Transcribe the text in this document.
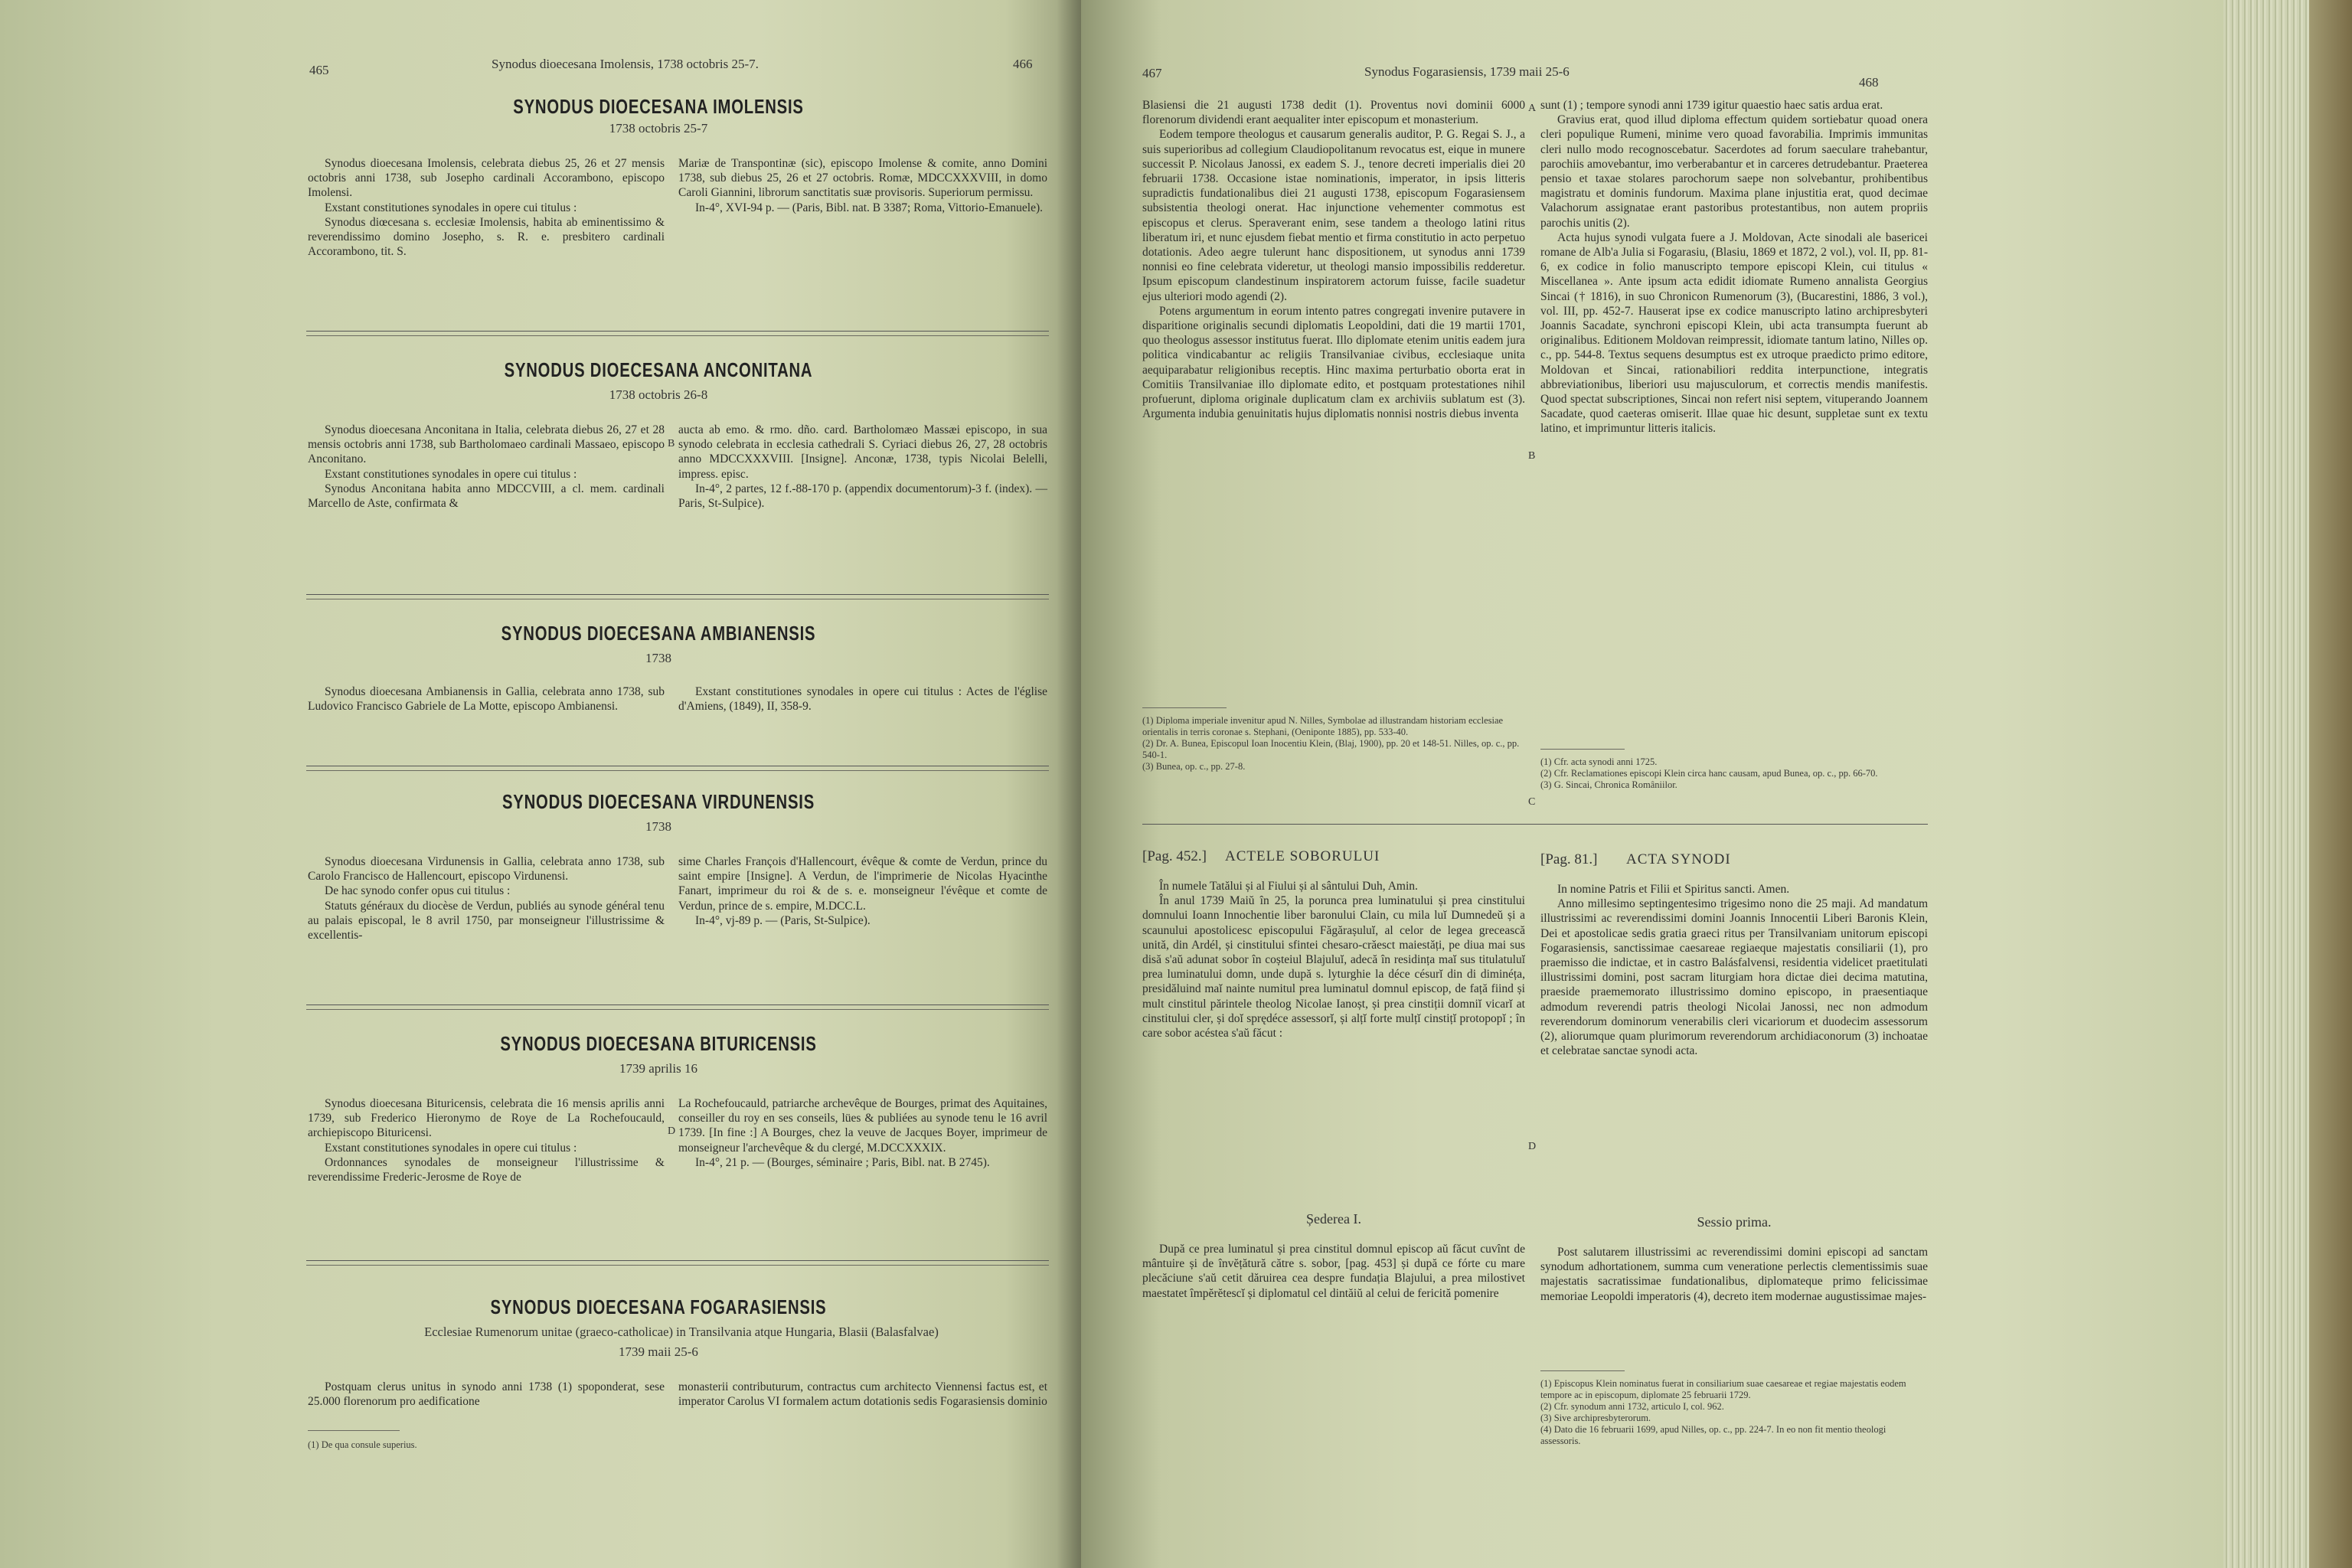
465	Synodus dioecesana Imolensis, 1738 octobris 25-7.	466
SYNODUS DIOECESANA IMOLENSIS
1738 octobris 25-7

Synodus dioecesana Imolensis, celebrata diebus 25, 26 et 27 mensis octobris anni 1738, sub Josepho cardinali Accorambono, episcopo Imolensi.

Exstant constitutiones synodales in opere cui titulus :

Synodus diœcesana s. ecclesiæ Imolensis, habita ab eminentissimo & reverendissimo domino Josepho, s. R. e. presbitero cardinali Accorambono, tit. S.

Mariæ de Transpontinæ (sic), episcopo Imolense & comite, anno Domini 1738, sub diebus 25, 26 et 27 octobris. Romæ, MDCCXXXVIII, in domo Caroli Giannini, librorum sanctitatis suæ provisoris. Superiorum permissu.

In-4°, XVI-94 p. — (Paris, Bibl. nat. B 3387; Roma, Vittorio-Emanuele).

SYNODUS DIOECESANA ANCONITANA
1738 octobris 26-8

Synodus dioecesana Anconitana in Italia, celebrata diebus 26, 27 et 28 mensis octobris anni 1738, sub Bartholomaeo cardinali Massaeo, episcopo Anconitano.

Exstant constitutiones synodales in opere cui titulus :

Synodus Anconitana habita anno MDCCVIII, a cl. mem. cardinali Marcello de Aste, confirmata &

B

aucta ab emo. & rmo. dño. card. Bartholomæo Massæi episcopo, in sua synodo celebrata in ecclesia cathedrali S. Cyriaci diebus 26, 27, 28 octobris anno MDCCXXXVIII. [Insigne]. Anconæ, 1738, typis Nicolai Belelli, impress. episc.

In-4°, 2 partes, 12 f.-88-170 p. (appendix documentorum)-3 f. (index). — Paris, St-Sulpice).

SYNODUS DIOECESANA AMBIANENSIS
1738

Synodus dioecesana Ambianensis in Gallia, celebrata anno 1738, sub Ludovico Francisco Gabriele de La Motte, episcopo Ambianensi.

Exstant constitutiones synodales in opere cui titulus : Actes de l'église d'Amiens, (1849), II, 358-9.

SYNODUS DIOECESANA VIRDUNENSIS
1738

Synodus dioecesana Virdunensis in Gallia, celebrata anno 1738, sub Carolo Francisco de Hallencourt, episcopo Virdunensi.

De hac synodo confer opus cui titulus :

Statuts généraux du diocèse de Verdun, publiés au synode général tenu au palais episcopal, le 8 avril 1750, par monseigneur l'illustrissime & excellentis-

sime Charles François d'Hallencourt, évêque & comte de Verdun, prince du saint empire [Insigne]. A Verdun, de l'imprimerie de Nicolas Hyacinthe Fanart, imprimeur du roi & de s. e. monseigneur l'évêque et comte de Verdun, prince de s. empire, M.DCC.L.

In-4°, vj-89 p. — (Paris, St-Sulpice).

SYNODUS DIOECESANA BITURICENSIS
1739 aprilis 16

Synodus dioecesana Bituricensis, celebrata die 16 mensis aprilis anni 1739, sub Frederico Hieronymo de Roye de La Rochefoucauld, archiepiscopo Bituricensi.

Exstant constitutiones synodales in opere cui titulus :

Ordonnances synodales de monseigneur l'illustrissime & reverendissime Frederic-Jerosme de Roye de

D

La Rochefoucauld, patriarche archevêque de Bourges, primat des Aquitaines, conseiller du roy en ses conseils, lües & publiées au synode tenu le 16 avril 1739. [In fine :] A Bourges, chez la veuve de Jacques Boyer, imprimeur de monseigneur l'archevêque & du clergé, M.DCCXXXIX.

In-4°, 21 p. — (Bourges, séminaire ; Paris, Bibl. nat. B 2745).

SYNODUS DIOECESANA FOGARASIENSIS
Ecclesiae Rumenorum unitae (graeco-catholicae) in Transilvania atque Hungaria, Blasii (Balasfalvae)
1739 maii 25-6

Postquam clerus unitus in synodo anni 1738 (1) spoponderat, sese 25.000 florenorum pro aedificatione

monasterii contributurum, contractus cum architecto Viennensi factus est, et imperator Carolus VI formalem actum dotationis sedis Fogarasiensis dominio

(1) De qua consule superius.

467	Synodus Fogarasiensis, 1739 maii 25-6
468

Blasiensi die 21 augusti 1738 dedit (1). Proventus novi dominii 6000 florenorum dividendi erant aequaliter inter episcopum et monasterium.

Eodem tempore theologus et causarum generalis auditor, P. G. Regai S. J., a suis superioribus ad collegium Claudiopolitanum revocatus est, eique in munere successit P. Nicolaus Janossi, ex eadem S. J., tenore decreti imperialis diei 20 februarii 1738. Occasione istae nominationis, imperator, in ipsis litteris supradictis fundationalibus diei 21 augusti 1738, episcopum Fogarasiensem subsistentia theologi onerat. Hac injunctione vehementer commotus est episcopus et clerus. Speraverant enim, sese tandem a theologo latini ritus liberatum iri, et nunc ejusdem fiebat mentio et firma constitutio in acto perpetuo dotationis. Adeo aegre tulerunt hanc dispositionem, ut synodus anni 1739 nonnisi eo fine celebrata videretur, ut theologi mansio impossibilis redderetur. Ipsum episcopum clandestinum inspiratorem actorum fuisse, facile suadetur ejus ulteriori modo agendi (2).

Potens argumentum in eorum intento patres congregati invenire putavere in disparitione originalis secundi diplomatis Leopoldini, dati die 19 martii 1701, quo theologus assessor institutus fuerat. Illo diplomate etenim unitis eadem jura politica vindicabantur ac religiis Transilvaniae civibus, ecclesiaque unita aequiparabatur religionibus receptis. Hinc maxima perturbatio oborta erat in Comitiis Transilvaniae illo diplomate edito, et postquam protestationes nihil profuerunt, diploma originale duplicatum clam ex archiviis sublatum est (3). Argumenta indubia genuinitatis hujus diplomatis nonnisi nostris diebus inventa

A
B

sunt (1) ; tempore synodi anni 1739 igitur quaestio haec satis ardua erat.

Gravius erat, quod illud diploma effectum quidem sortiebatur quoad onera cleri populique Rumeni, minime vero quoad favorabilia. Imprimis immunitas cleri nullo modo recognoscebatur. Sacerdotes ad forum saeculare trahebantur, parochiis amovebantur, imo verberabantur et in carceres detrudebantur. Praeterea pensio et taxae stolares parochorum saepe non solvebantur, prohibentibus magistratu et dominis fundorum. Maxima plane injustitia erat, quod decimae Valachorum assignatae erant pastoribus protestantibus, non autem propriis parochis unitis (2).

Acta hujus synodi vulgata fuere a J. Moldovan, Acte sinodali ale basericei romane de Alb'a Julia si Fogarasiu, (Blasiu, 1869 et 1872, 2 vol.), vol. II, pp. 81-6, ex codice in folio manuscripto tempore episcopi Klein, cui titulus « Miscellanea ». Ante ipsum acta edidit idiomate Rumeno annalista Georgius Sincai († 1816), in suo Chronicon Rumenorum (3), (Bucarestini, 1886, 3 vol.), vol. III, pp. 452-7. Hauserat ipse ex codice manuscripto latino archipresbyteri Joannis Sacadate, synchroni episcopi Klein, ubi acta transumpta fuerunt ab originalibus. Editionem Moldovan reimpressit, idiomate tantum latino, Nilles op. c., pp. 544-8. Textus sequens desumptus est ex utroque praedicto primo editore, Moldovan et Sincai, rationabiliori reddita interpunctione, integratis abbreviationibus, liberiori usu majusculorum, et correctis mendis manifestis. Quod spectat subscriptiones, Sincai non refert nisi septem, vituperando Joannem Sacadate, quod caeteras omiserit. Illae quae hic desunt, suppletae sunt ex textu latino, et imprimuntur litteris italicis.

(1) Diploma imperiale invenitur apud N. Nilles, Symbolae ad illustrandam historiam ecclesiae orientalis in terris coronae s. Stephani, (Oeniponte 1885), pp. 533-40.

(2) Dr. A. Bunea, Episcopul Ioan Inocentiu Klein, (Blaj, 1900), pp. 20 et 148-51. Nilles, op. c., pp. 540-1.

(3) Bunea, op. c., pp. 27-8.

C

(1) Cfr. acta synodi anni 1725.

(2) Cfr. Reclamationes episcopi Klein circa hanc causam, apud Bunea, op. c., pp. 66-70.

(3) G. Sincai, Chronica Româniilor.

[Pag. 452.] ACTELE SOBORULUI

În numele Tatălui și al Fiului și al sântului Duh, Amin.

În anul 1739 Maiŭ în 25, la porunca prea luminatului și prea cinstitului domnului Ioann Innochentie liber baronului Clain, cu mila luĭ Dumnedeŭ și a scaunului apostolicesc episcopului Făgărașuluĭ, al celor de legea grecească unită, din Ardél, și cinstitului sfintei chesaro-crăesct maiestăți, pe diua mai sus disă s'aŭ adunat sobor în coșteiul Blajuluĭ, adecă în residința maĭ sus titulatuluĭ prea luminatului domn, unde după s. lyturghie la déce césurĭ din di diminéța, presidăluind maĭ nainte numitul prea luminatul domnul episcop, de față fiind și mult cinstitul părintele theolog Nicolae Ianoșt, și prea cinstiții domniĭ vicarĭ at cinstitului cler, și doĭ sprędéce assessorĭ, și alțĭ forte mulțĭ cinstițĭ protopopĭ ; în care sobor acéstea s'aŭ făcut :

D
Șederea I.

După ce prea luminatul și prea cinstitul domnul episcop aŭ făcut cuvînt de mântuire și de învĕțătură către s. sobor, [pag. 453] și după ce fórte cu mare plecăciune s'aŭ cetit dăruirea cea despre fundația Blajului, a prea milostivet maestatet împĕrĕtescĭ și diplomatul cel dintăiŭ al celui de fericită pomenire

[Pag. 81.] ACTA SYNODI

In nomine Patris et Filii et Spiritus sancti. Amen.

Anno millesimo septingentesimo trigesimo nono die 25 maji. Ad mandatum illustrissimi ac reverendissimi domini Joannis Innocentii Liberi Baronis Klein, Dei et apostolicae sedis gratia graeci ritus per Transilvaniam unitorum episcopi Fogarasiensis, sanctissimae caesareae regiaeque majestatis consiliarii (1), pro praemisso die indictae, et in castro Balásfalvensi, residentia videlicet praetitulati illustrissimi domini, post sacram liturgiam hora dictae diei decima matutina, praeside praememorato illustrissimo domino episcopo, in praesentiaque admodum reverendi patris theologi Nicolai Janossi, nec non admodum reverendorum dominorum venerabilis cleri vicariorum et duodecim assessorum (2), aliorumque quam plurimorum reverendorum archidiaconorum (3) inchoatae et celebratae sanctae synodi acta.

Sessio prima.

Post salutarem illustrissimi ac reverendissimi domini episcopi ad sanctam synodum adhortationem, summa cum veneratione perlectis clementissimis suae majestatis sacratissimae fundationalibus, diplomateque primo felicissimae memoriae Leopoldi imperatoris (4), decreto item modernae augustissimae majes-

(1) Episcopus Klein nominatus fuerat in consiliarium suae caesareae et regiae majestatis eodem tempore ac in episcopum, diplomate 25 februarii 1729.

(2) Cfr. synodum anni 1732, articulo I, col. 962.

(3) Sive archipresbyterorum.

(4) Dato die 16 februarii 1699, apud Nilles, op. c., pp. 224-7. In eo non fit mentio theologi assessoris.
